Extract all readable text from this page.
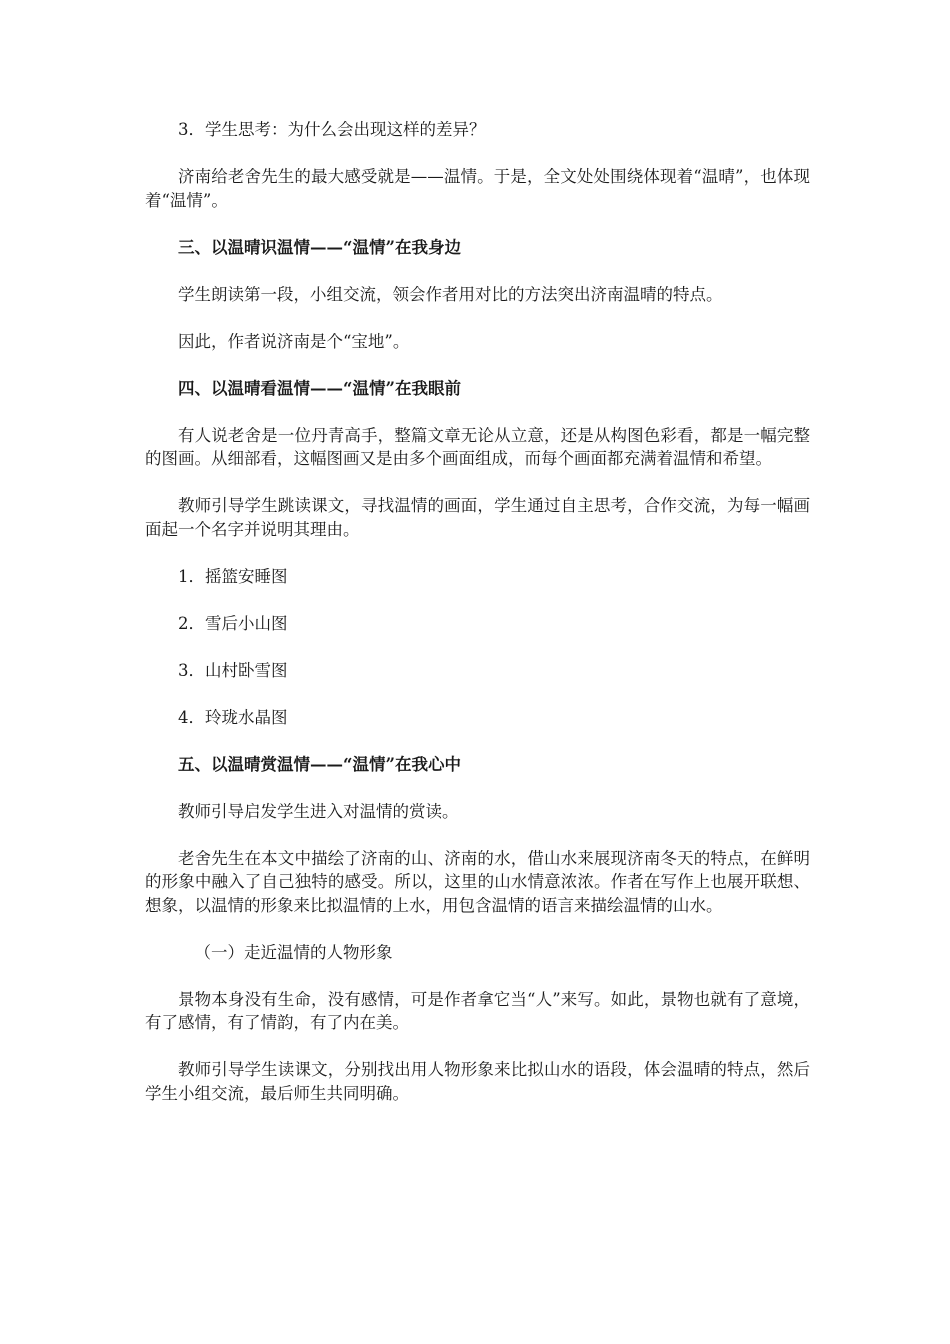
3．学生思考：为什么会出现这样的差异？

济南给老舍先生的最大感受就是——温情。于是，全文处处围绕体现着“温晴”，也体现着“温情”。

三、以温晴识温情——“温情”在我身边

学生朗读第一段，小组交流，领会作者用对比的方法突出济南温晴的特点。

因此，作者说济南是个“宝地”。

四、以温晴看温情——“温情”在我眼前

有人说老舍是一位丹青高手，整篇文章无论从立意，还是从构图色彩看，都是一幅完整的图画。从细部看，这幅图画又是由多个画面组成，而每个画面都充满着温情和希望。

教师引导学生跳读课文，寻找温情的画面，学生通过自主思考，合作交流，为每一幅画面起一个名字并说明其理由。

1．摇篮安睡图

2．雪后小山图

3．山村卧雪图

4．玲珑水晶图

五、以温晴赏温情——“温情”在我心中

教师引导启发学生进入对温情的赏读。

老舍先生在本文中描绘了济南的山、济南的水，借山水来展现济南冬天的特点，在鲜明的形象中融入了自己独特的感受。所以，这里的山水情意浓浓。作者在写作上也展开联想、想象，以温情的形象来比拟温情的上水，用包含温情的语言来描绘温情的山水。

（一）走近温情的人物形象

景物本身没有生命，没有感情，可是作者拿它当“人”来写。如此，景物也就有了意境，有了感情，有了情韵，有了内在美。

教师引导学生读课文，分别找出用人物形象来比拟山水的语段，体会温晴的特点，然后学生小组交流，最后师生共同明确。
